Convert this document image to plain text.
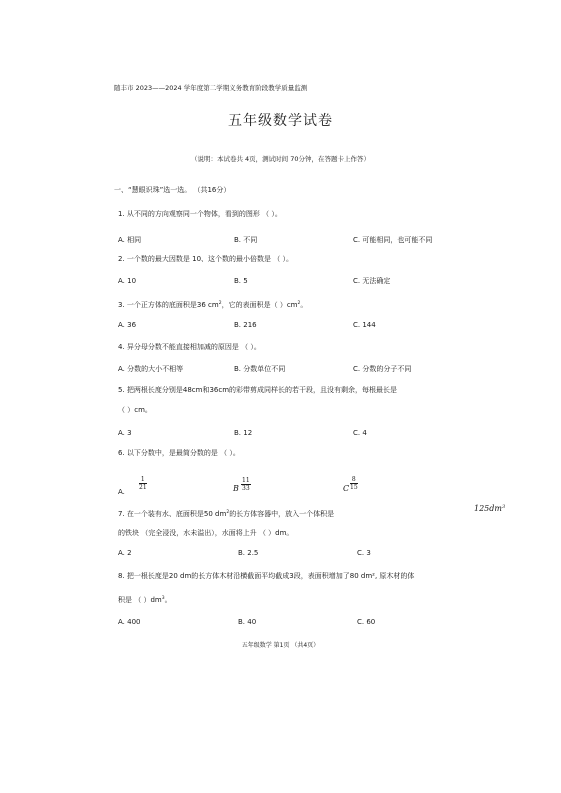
随丰市 2023——2024 学年度第二学期义务教育阶段教学质量监测
五年级数学试卷
（说明：本试卷共 4页，测试时间 70分钟，在答题卡上作答）
一、“慧眼识珠”选一选。 （共16分）
1. 从不同的方向观察同一个物体，看到的图形 （ ）。
A. 相同	B. 不同	C. 可能相同，也可能不同
2. 一个数的最大因数是 10、这个数的最小倍数是 （ ）。
A. 10	B. 5	C. 无法确定
3. 一个正方体的底面积是36 $cm^2$，它的表面积是（ ）$cm^2$。
A. 36	B. 216	C. 144
4. 异分母分数不能直接相加减的原因是 （ ）。
A. 分数的大小不相等	B. 分数单位不同	C. 分数的分子不同
5. 把两根长度分别是48cm和36cm的彩带剪成同样长的若干段，且没有剩余，每根最长是
（ ）cm。
A. 3	B. 12	C. 4
6. 以下分数中，是最简分数的是 （ ）。
A.
$\frac{1}{21}$	B $\frac{11}{33}$	C $\frac{8}{15}$
7. 在一个装有水、底面积是50 $dm^2$的长方体容器中，放入一个体积是
$125dm^3$
的铁块 （完全浸没，水未溢出），水面将上升 （ ）dm。
A. 2	B. 2.5	C. 3
8. 把一根长度是20 dm的长方体木材沿横截面平均截成3段，表面积增加了80 dm², 原木材的体
积是 （ ）$dm^3$。
A. 400	B. 40	C. 60
五年级数学 第1页 （共4页）
